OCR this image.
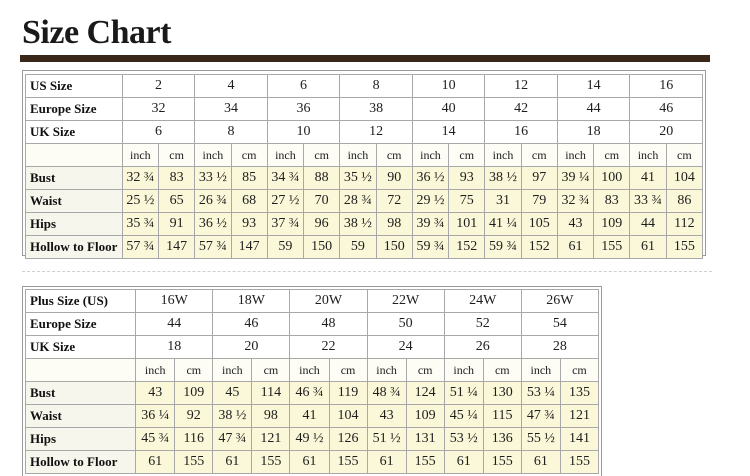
Size Chart
US Size	2		4		6		8		10		12		14		16	
Europe Size	32		34		36		38		40		42		44		46	
UK Size	6		8		10		12		14		16		18		20	
	inch	cm	inch	cm	inch	cm	inch	cm	inch	cm	inch	cm	inch	cm	inch	cm
Bust	32 ¾	83	33 ½	85	34 ¾	88	35 ½	90	36 ½	93	38 ½	97	39 ¼	100	41	104
Waist	25 ½	65	26 ¾	68	27 ½	70	28 ¾	72	29 ½	75	31	79	32 ¾	83	33 ¾	86
Hips	35 ¾	91	36 ½	93	37 ¾	96	38 ½	98	39 ¾	101	41 ¼	105	43	109	44	112
Hollow to Floor	57 ¾	147	57 ¾	147	59	150	59	150	59 ¾	152	59 ¾	152	61	155	61	155
Plus Size (US)	16W		18W		20W		22W		24W		26W	
Europe Size	44		46		48		50		52		54	
UK Size	18		20		22		24		26		28	
	inch	cm	inch	cm	inch	cm	inch	cm	inch	cm	inch	cm
Bust	43	109	45	114	46 ¾	119	48 ¾	124	51 ¼	130	53 ¼	135
Waist	36 ¼	92	38 ½	98	41	104	43	109	45 ¼	115	47 ¾	121
Hips	45 ¾	116	47 ¾	121	49 ½	126	51 ½	131	53 ½	136	55 ½	141
Hollow to Floor	61	155	61	155	61	155	61	155	61	155	61	155
